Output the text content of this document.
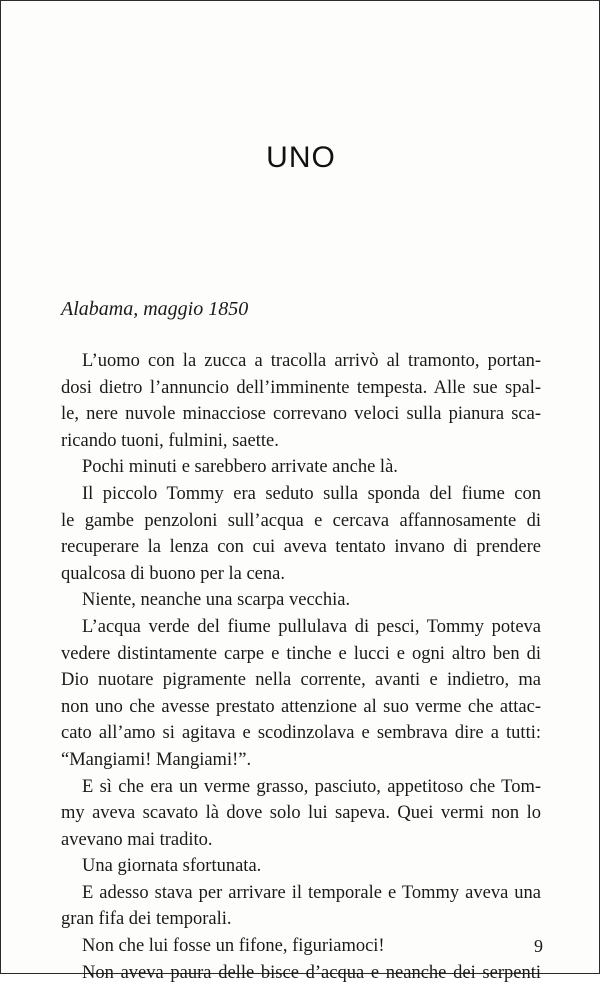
UNO
Alabama, maggio 1850
L’uomo con la zucca a tracolla arrivò al tramonto, portan-
dosi dietro l’annuncio dell’imminente tempesta. Alle sue spal-
le, nere nuvole minacciose correvano veloci sulla pianura sca-
ricando tuoni, fulmini, saette.
Pochi minuti e sarebbero arrivate anche là.
Il piccolo Tommy era seduto sulla sponda del fiume con
le gambe penzoloni sull’acqua e cercava affannosamente di
recuperare la lenza con cui aveva tentato invano di prendere
qualcosa di buono per la cena.
Niente, neanche una scarpa vecchia.
L’acqua verde del fiume pullulava di pesci, Tommy poteva
vedere distintamente carpe e tinche e lucci e ogni altro ben di
Dio nuotare pigramente nella corrente, avanti e indietro, ma
non uno che avesse prestato attenzione al suo verme che attac-
cato all’amo si agitava e scodinzolava e sembrava dire a tutti:
“Mangiami! Mangiami!”.
E sì che era un verme grasso, pasciuto, appetitoso che Tom-
my aveva scavato là dove solo lui sapeva. Quei vermi non lo
avevano mai tradito.
Una giornata sfortunata.
E adesso stava per arrivare il temporale e Tommy aveva una
gran fifa dei temporali.
Non che lui fosse un fifone, figuriamoci!
Non aveva paura delle bisce d’acqua e neanche dei serpenti
9
